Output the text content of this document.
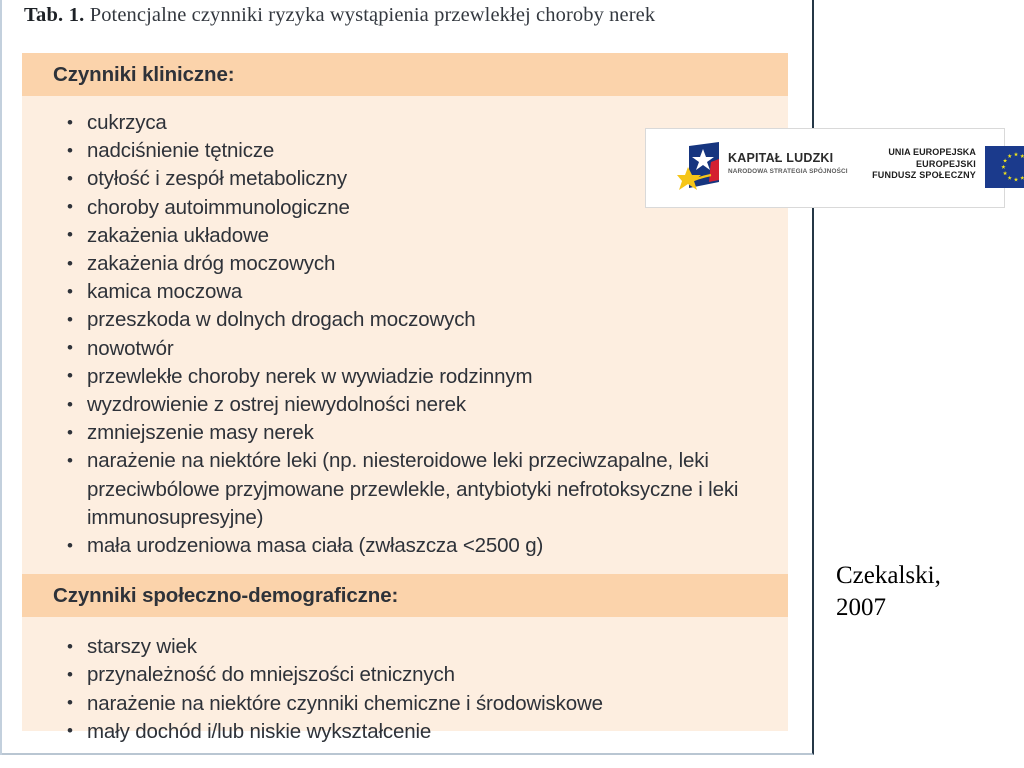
Tab. 1. Potencjalne czynniki ryzyka wystąpienia przewlekłej choroby nerek
Czynniki kliniczne:
• cukrzyca
• nadciśnienie tętnicze
• otyłość i zespół metaboliczny
• choroby autoimmunologiczne
• zakażenia układowe
• zakażenia dróg moczowych
• kamica moczowa
• przeszkoda w dolnych drogach moczowych
• nowotwór
• przewlekłe choroby nerek w wywiadzie rodzinnym
• wyzdrowienie z ostrej niewydolności nerek
• zmniejszenie masy nerek
• narażenie na niektóre leki (np. niesteroidowe leki przeciwzapalne, leki przeciwbólowe przyjmowane przewlekle, antybiotyki nefrotoksyczne i leki immunosupresyjne)
• mała urodzeniowa masa ciała (zwłaszcza <2500 g)
Czynniki społeczno-demograficzne:
• starszy wiek
• przynależność do mniejszości etnicznych
• narażenie na niektóre czynniki chemiczne i środowiskowe
• mały dochód i/lub niskie wykształcenie
KAPITAŁ LUDZKI
NARODOWA STRATEGIA SPÓJNOŚCI
UNIA EUROPEJSKA
EUROPEJSKI
FUNDUSZ SPOŁECZNY
Czekalski,
2007
